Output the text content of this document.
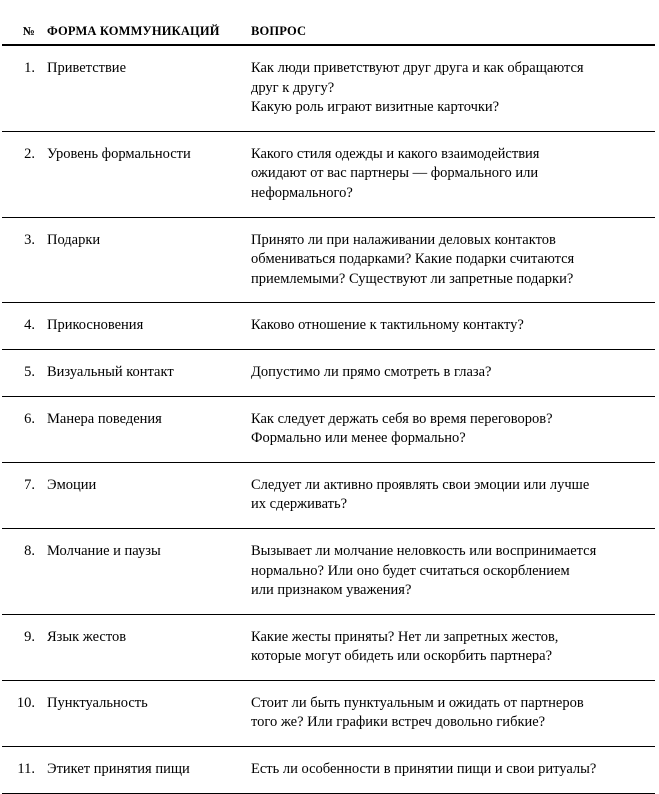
№	ФОРМА КОММУНИКАЦИЙ	ВОПРОС
1.	Приветствие	Как люди приветствуют друг друга и как обращаются
друг к другу?
Какую роль играют визитные карточки?

2.	Уровень формальности	Какого стиля одежды и какого взаимодействия
ожидают от вас партнеры — формального или
неформального?

3.	Подарки	Принято ли при налаживании деловых контактов
обмениваться подарками? Какие подарки считаются
приемлемыми? Существуют ли запретные подарки?

4.	Прикосновения	Каково отношение к тактильному контакту?

5.	Визуальный контакт	Допустимо ли прямо смотреть в глаза?

6.	Манера поведения	Как следует держать себя во время переговоров?
Формально или менее формально?

7.	Эмоции	Следует ли активно проявлять свои эмоции или лучше
их сдерживать?

8.	Молчание и паузы	Вызывает ли молчание неловкость или воспринимается
нормально? Или оно будет считаться оскорблением
или признаком уважения?

9.	Язык жестов	Какие жесты приняты? Нет ли запретных жестов,
которые могут обидеть или оскорбить партнера?

10.	Пунктуальность	Стоит ли быть пунктуальным и ожидать от партнеров
того же? Или графики встреч довольно гибкие?

11.	Этикет принятия пищи	Есть ли особенности в принятии пищи и свои ритуалы?
